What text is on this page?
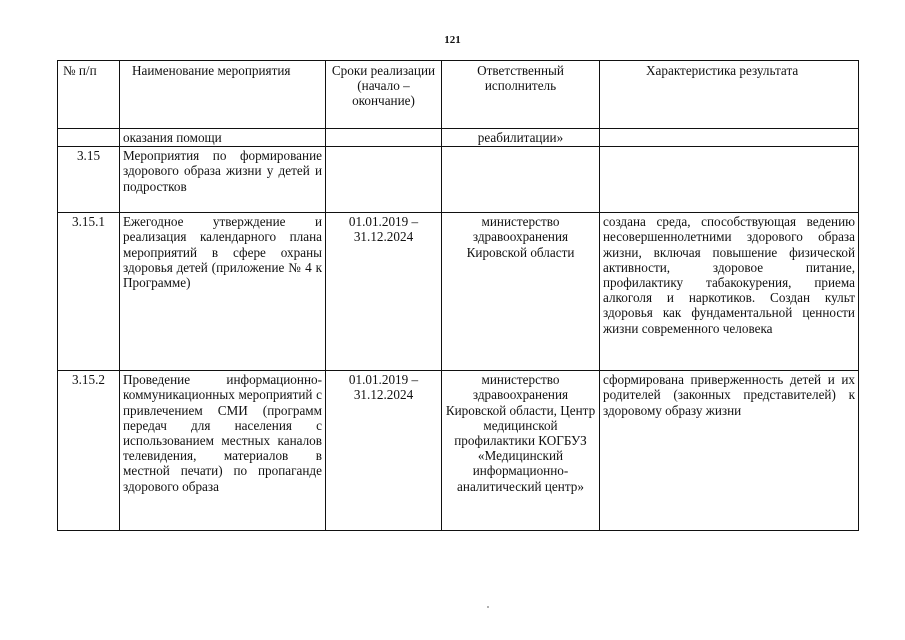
121
№ п/п	Наименование мероприятия	Сроки реализации (начало – окончание)	Ответственный исполнитель	Характеристика результата
	оказания помощи		реабилитации»	
3.15	Мероприятия по формирование здорового образа жизни у детей и подростков			
3.15.1	Ежегодное утверждение и реализация календарного плана мероприятий в сфере охраны здоровья детей (приложение № 4 к Программе)	01.01.2019 – 31.12.2024	министерство здравоохранения Кировской области	создана среда, способствующая ведению несовершеннолетними здорового образа жизни, включая повышение физической активности, здоровое питание, профилактику табакокурения, приема алкоголя и наркотиков. Создан культ здоровья как фундаментальной ценности жизни современного человека
3.15.2	Проведение информационно-коммуникационных мероприятий с привлечением СМИ (программ передач для населения с использованием местных каналов телевидения, материалов в местной печати) по пропаганде здорового образа	01.01.2019 – 31.12.2024	министерство здравоохранения Кировской области, Центр медицинской профилактики КОГБУЗ «Медицинский информационно-аналитический центр»	сформирована приверженность детей и их родителей (законных представителей) к здоровому образу жизни
